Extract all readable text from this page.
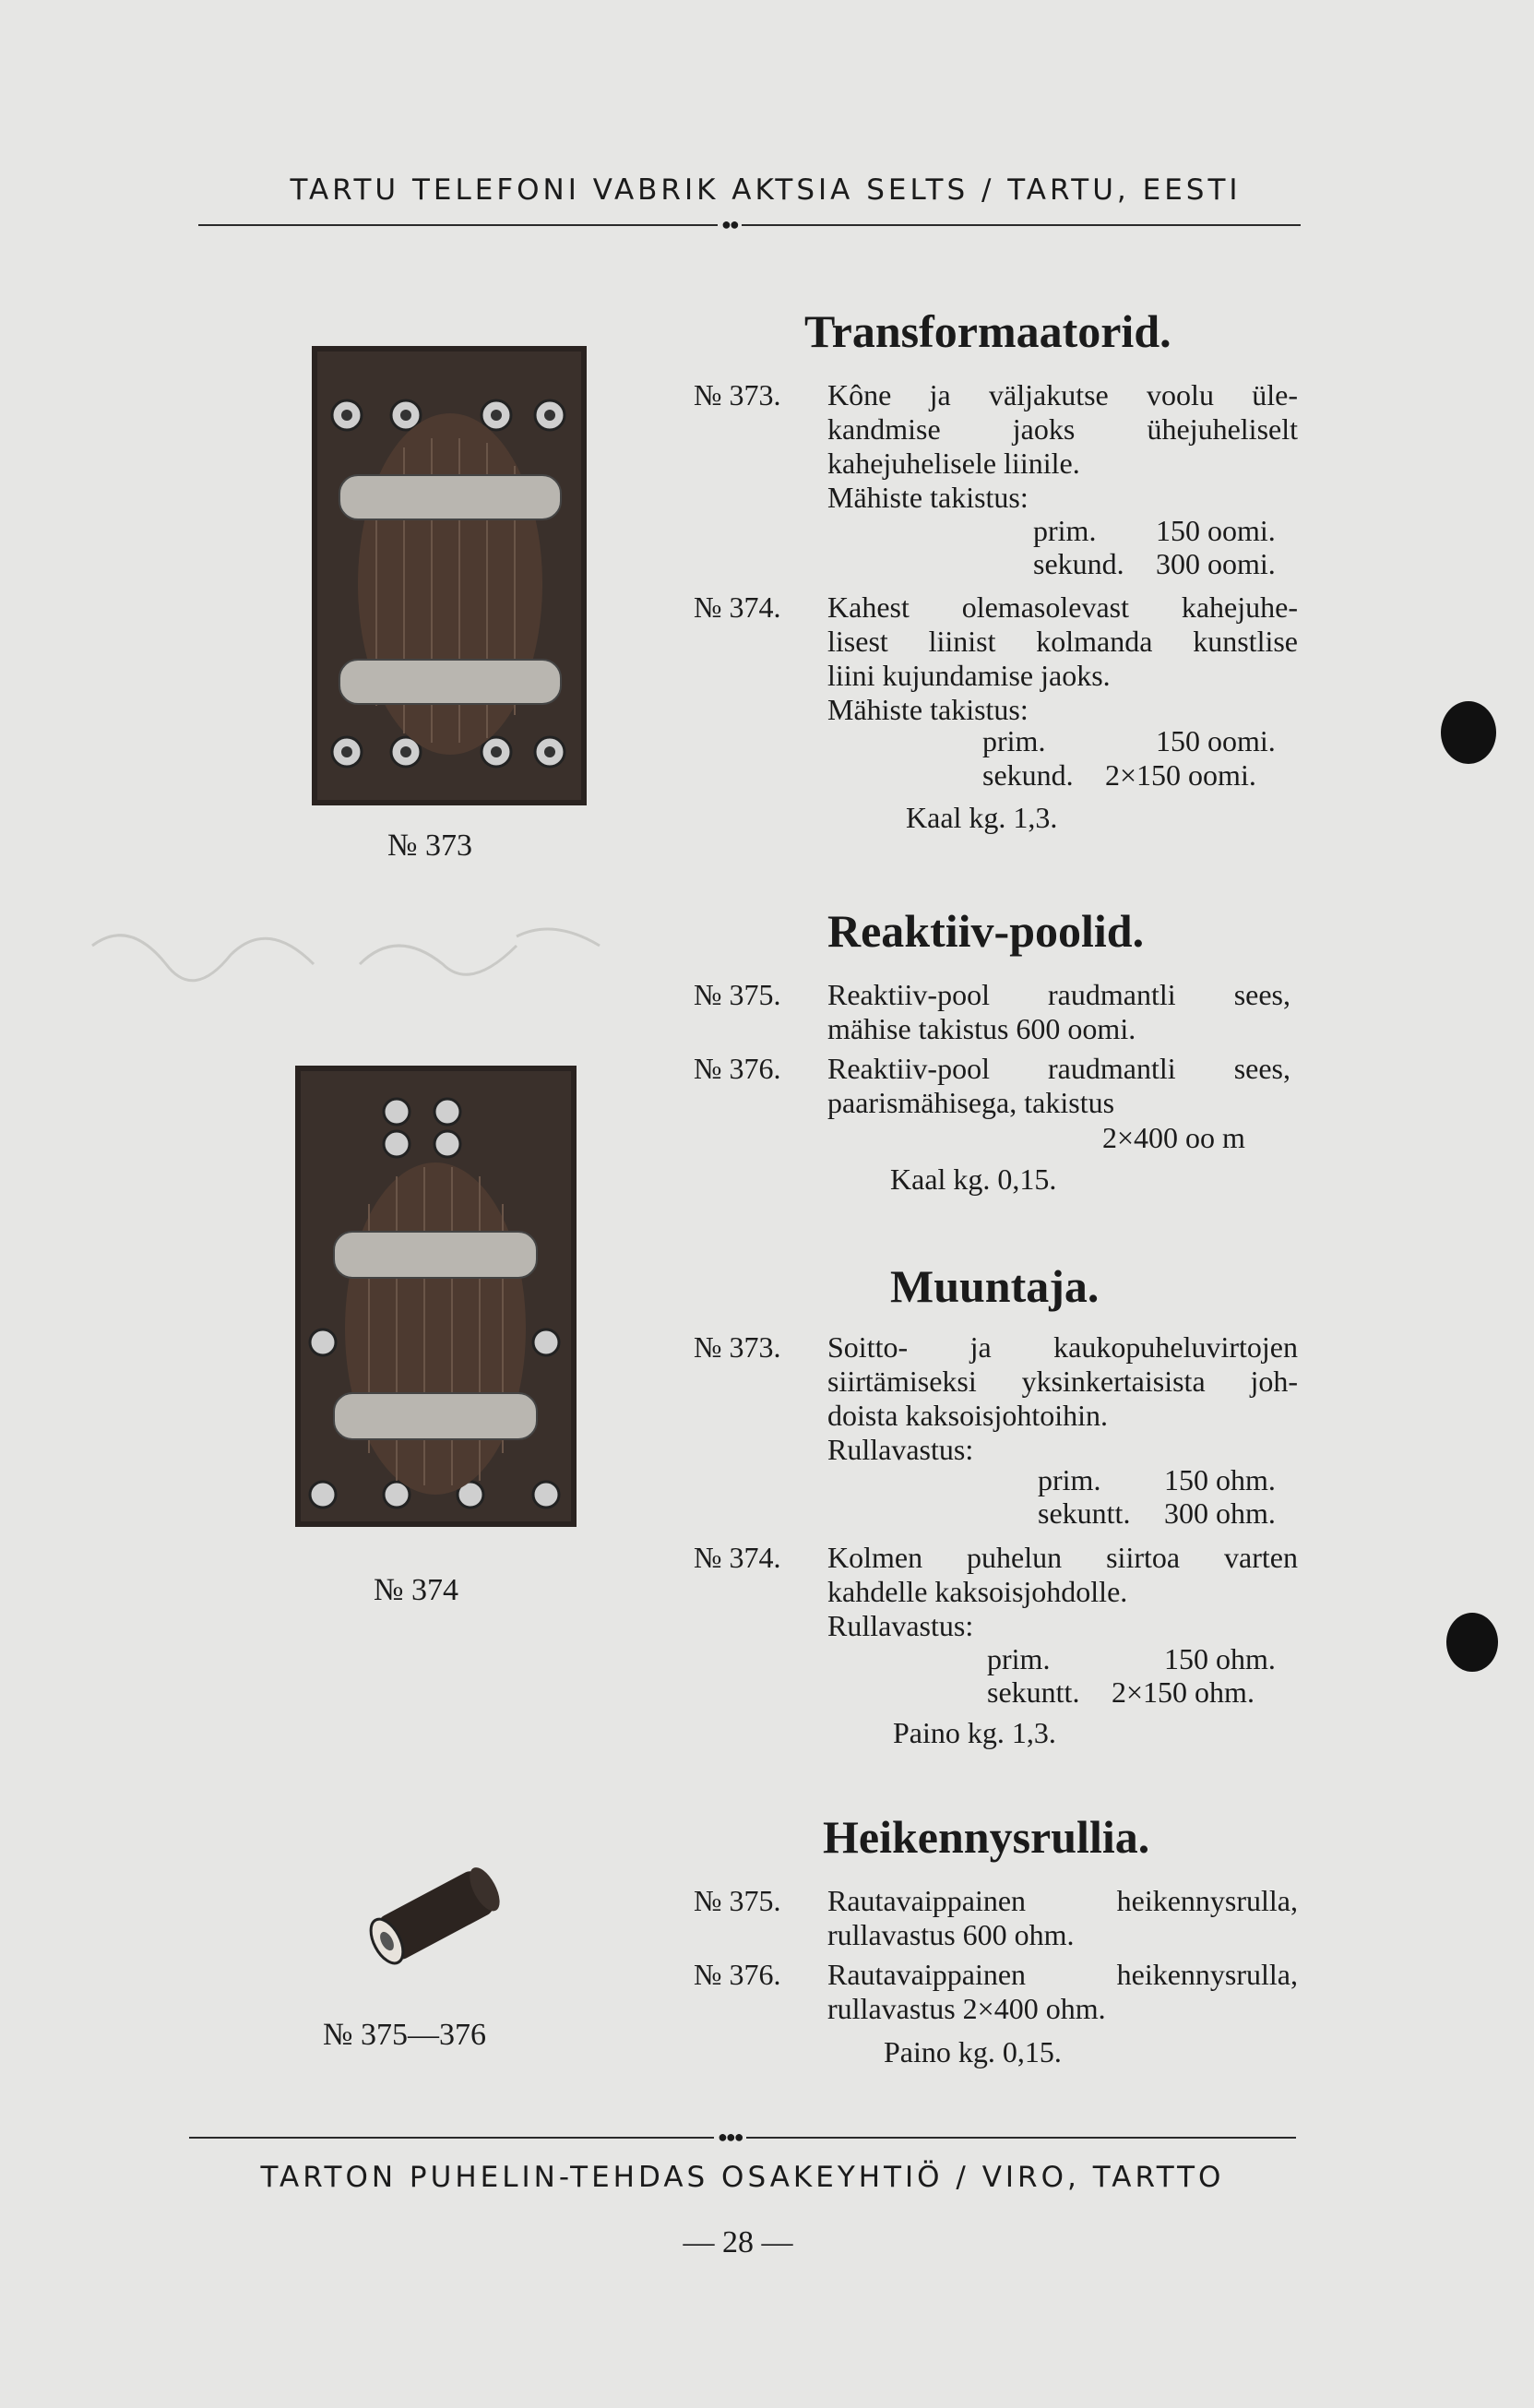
TARTU TELEFONI VABRIK AKTSIA SELTS / TARTU, EESTI
●●
№ 373
№ 374
№ 375—376
Transformaatorid.
№ 373. Kône ja väljakutse voolu üle-
kandmise jaoks ühejuheliselt
kahejuhelisele liinile.
Mähiste takistus:
prim. 150 oomi.
sekund. 300 oomi.
№ 374. Kahest olemasolevast kahejuhe-
lisest liinist kolmanda kunstlise
liini kujundamise jaoks.
Mähiste takistus:
prim.	150 oomi.
sekund. 2×150 oomi.
Kaal kg. 1,3.
Reaktiiv-poolid.
№ 375. Reaktiiv-pool raudmantli sees,
mähise takistus 600 oomi.
№ 376. Reaktiiv-pool raudmantli sees,
paarismähisega, takistus
2×400 oo m
Kaal kg. 0,15.
Muuntaja.
№ 373. Soitto- ja kaukopuheluvirtojen
siirtämiseksi yksinkertaisista joh-
doista kaksoisjohtoihin.
Rullavastus:
prim. 150 ohm.
sekuntt. 300 ohm.
№ 374. Kolmen puhelun siirtoa varten
kahdelle kaksoisjohdolle.
Rullavastus:
prim.	150 ohm.
sekuntt. 2×150 ohm.
Paino kg. 1,3.
Heikennysrullia.
№ 375. Rautavaippainen heikennysrulla,
rullavastus 600 ohm.
№ 376. Rautavaippainen heikennysrulla,
rullavastus 2×400 ohm.
Paino kg. 0,15.
●●●
TARTON PUHELIN-TEHDAS OSAKEYHTIÖ / VIRO, TARTTO
— 28 —
